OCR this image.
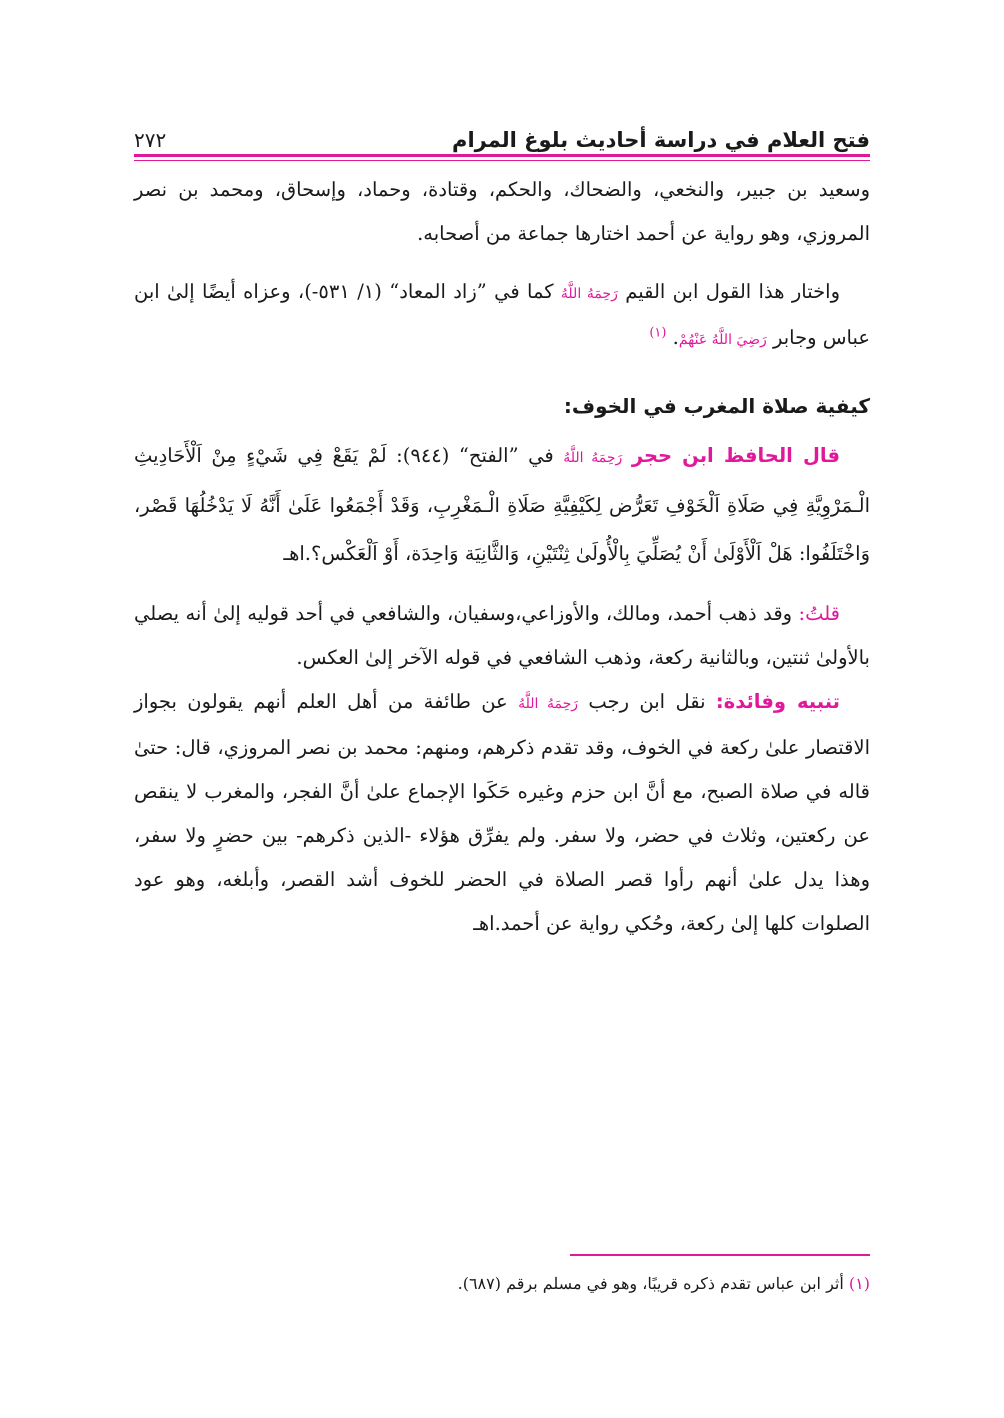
فتح العلام في دراسة أحاديث بلوغ المرام
٢٧٢

وسعيد بن جبير، والنخعي، والضحاك، والحكم، وقتادة، وحماد، وإسحاق، ومحمد بن نصر المروزي، وهو رواية عن أحمد اختارها جماعة من أصحابه.

واختار هذا القول ابن القيم رَحِمَهُ اللَّهُ كما في ”زاد المعاد“ (١/ ٥٣١-)، وعزاه أيضًا إلىٰ ابن عباس وجابر رَضِيَ اللَّهُ عَنْهُمْ. $^{(١)}$

كيفية صلاة المغرب في الخوف:

قال الحافظ ابن حجر رَحِمَهُ اللَّهُ في ”الفتح“ (٩٤٤): لَمْ يَقَعْ فِي شَيْءٍ مِنْ اَلْأَحَادِيثِ الْـمَرْوِيَّةِ فِي صَلَاةِ اَلْخَوْفِ تَعَرُّض لِكَيْفِيَّةِ صَلَاةِ الْـمَغْرِبِ، وَقَدْ أَجْمَعُوا عَلَىٰ أَنَّهُ لَا يَدْخُلُهَا قَصْر، وَاخْتَلَفُوا: هَلْ اَلْأَوْلَىٰ أَنْ يُصَلِّيَ بِالْأُولَىٰ ثِنْتَيْنِ، وَالثَّانِيَة وَاحِدَة، أَوْ اَلْعَكْس؟.اهـ

قلتُ: وقد ذهب أحمد، ومالك، والأوزاعي،وسفيان، والشافعي في أحد قوليه إلىٰ أنه يصلي بالأولىٰ ثنتين، وبالثانية ركعة، وذهب الشافعي في قوله الآخر إلىٰ العكس.

تنبيه وفائدة: نقل ابن رجب رَحِمَهُ اللَّهُ عن طائفة من أهل العلم أنهم يقولون بجواز الاقتصار علىٰ ركعة في الخوف، وقد تقدم ذكرهم، ومنهم: محمد بن نصر المروزي، قال: حتىٰ قاله في صلاة الصبح، مع أنَّ ابن حزم وغيره حَكَوا الإجماع علىٰ أنَّ الفجر، والمغرب لا ينقص عن ركعتين، وثلاث في حضر، ولا سفر. ولم يفرِّق هؤلاء -الذين ذكرهم- بين حضرٍ ولا سفر، وهذا يدل علىٰ أنهم رأوا قصر الصلاة في الحضر للخوف أشد القصر، وأبلغه، وهو عود الصلوات كلها إلىٰ ركعة، وحُكي رواية عن أحمد.اهـ

(١) أثر ابن عباس تقدم ذكره قريبًا، وهو في مسلم برقم (٦٨٧).
